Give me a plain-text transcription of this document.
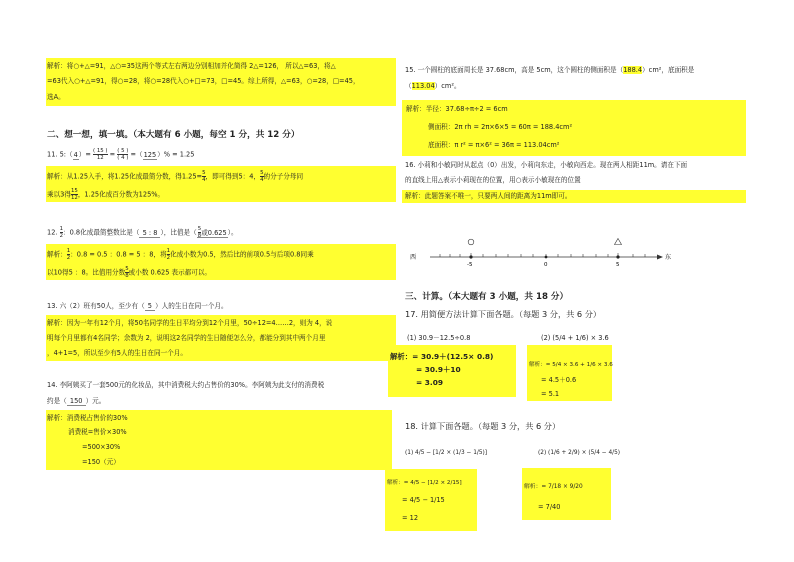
解析：将○+△=91，△○=35这两个等式左右两边分别相加并化简得 2△=126， 所以△=63，将△
=63代入○+△=91，得○=28，将○=28代入○+□=73，□=45。综上所得，△=63，○=28，□=45，
选A。
二、想一想，填一填。（本大题有 6 小题，每空 1 分，共 12 分）
11. 5:（4）= $\frac{( 15 )}{12} = \frac{( 5 )}{( 4 )} =(125)\% = 1.25$
解析：从1.25入手，将1.25化成最简分数，得$1.25= \frac{5}{4}$ ，即可得到5：4， $\frac{5}{4}$ 的分子分母同
乘以3得 $\frac{15}{12}$ ，1.25化成百分数为125%。
12. $\frac{1}{2}$ ：0.8化成最简整数比是（ 5 : 8 ），比值是（ $\frac{5}{8}$ 或0.625）。
解析： $\frac{1}{2}$ ：0.8 = 0.5 ：0.8 = 5 ：8，将 $\frac{1}{2}$ 化成小数为0.5，然后比的前项0.5与后项0.8同乘
以10得5 ：8。比值用分数 $\frac{5}{8}$ 或小数 0.625 表示都可以。
13. 六（2）班有50人，至少有（ 5 ）人的生日在同一个月。
解析：因为一年有12个月，将50名同学的生日平均分到12个月里，50÷12=4……2，则为 4，说
明每个月里都有4名同学；余数为 2，说明这2名同学的生日随便怎么分，都能分到其中两个月里
，4+1=5，所以至少有5人的生日在同一个月。
14. 李阿姨买了一套500元的化妆品，其中消费税大约占售价的30%。李阿姨为此支付的消费税
约是（ 150 ）元。
解析：消费税占售价的30%
消费税=售价×30%
=500×30%
=150（元）
15. 一个圆柱的底面周长是 37.68cm，高是 5cm，这个圆柱的侧面积是（188.4）cm²，底面积是
（113.04）cm²。
解析：半径：37.68÷π÷2 = 6cm
侧面积：2π rh = 2π×6×5 = 60π = 188.4cm²
底面积：π r² = π×6² = 36π = 113.04cm²
16. 小莉和小敏同时从起点（0）出发，小莉向东走，小敏向西走。现在两人相距11m。请在下面
的直线上用△表示小莉现在的位置，用○表示小敏现在的位置
解析：此题答案不唯一，只要两人间的距离为11m即可。
西	东
-5	0	5
三、计算。（本大题有 3 小题，共 18 分）
17. 用简便方法计算下面各题。（每题 3 分，共 6 分）
(1) 30.9－12.5÷0.8	(2) (5/4 + 1/6) × 3.6
解析：= 30.9＋(12.5× 0.8)
= 30.9＋10
= 3.09
解析：= 5/4 × 3.6 + 1/6 × 3.6
= 4.5＋0.6
= 5.1
18. 计算下面各题。（每题 3 分，共 6 分）
(1) 4/5 − [1/2 × (1/3 − 1/5)]	(2) (1/6 + 2/9) × (5/4 − 4/5)
解析：= 4/5 − [1/2 × 2/15]
= 4/5 − 1/15
= 12
解析：= 7/18 × 9/20
= 7/40
